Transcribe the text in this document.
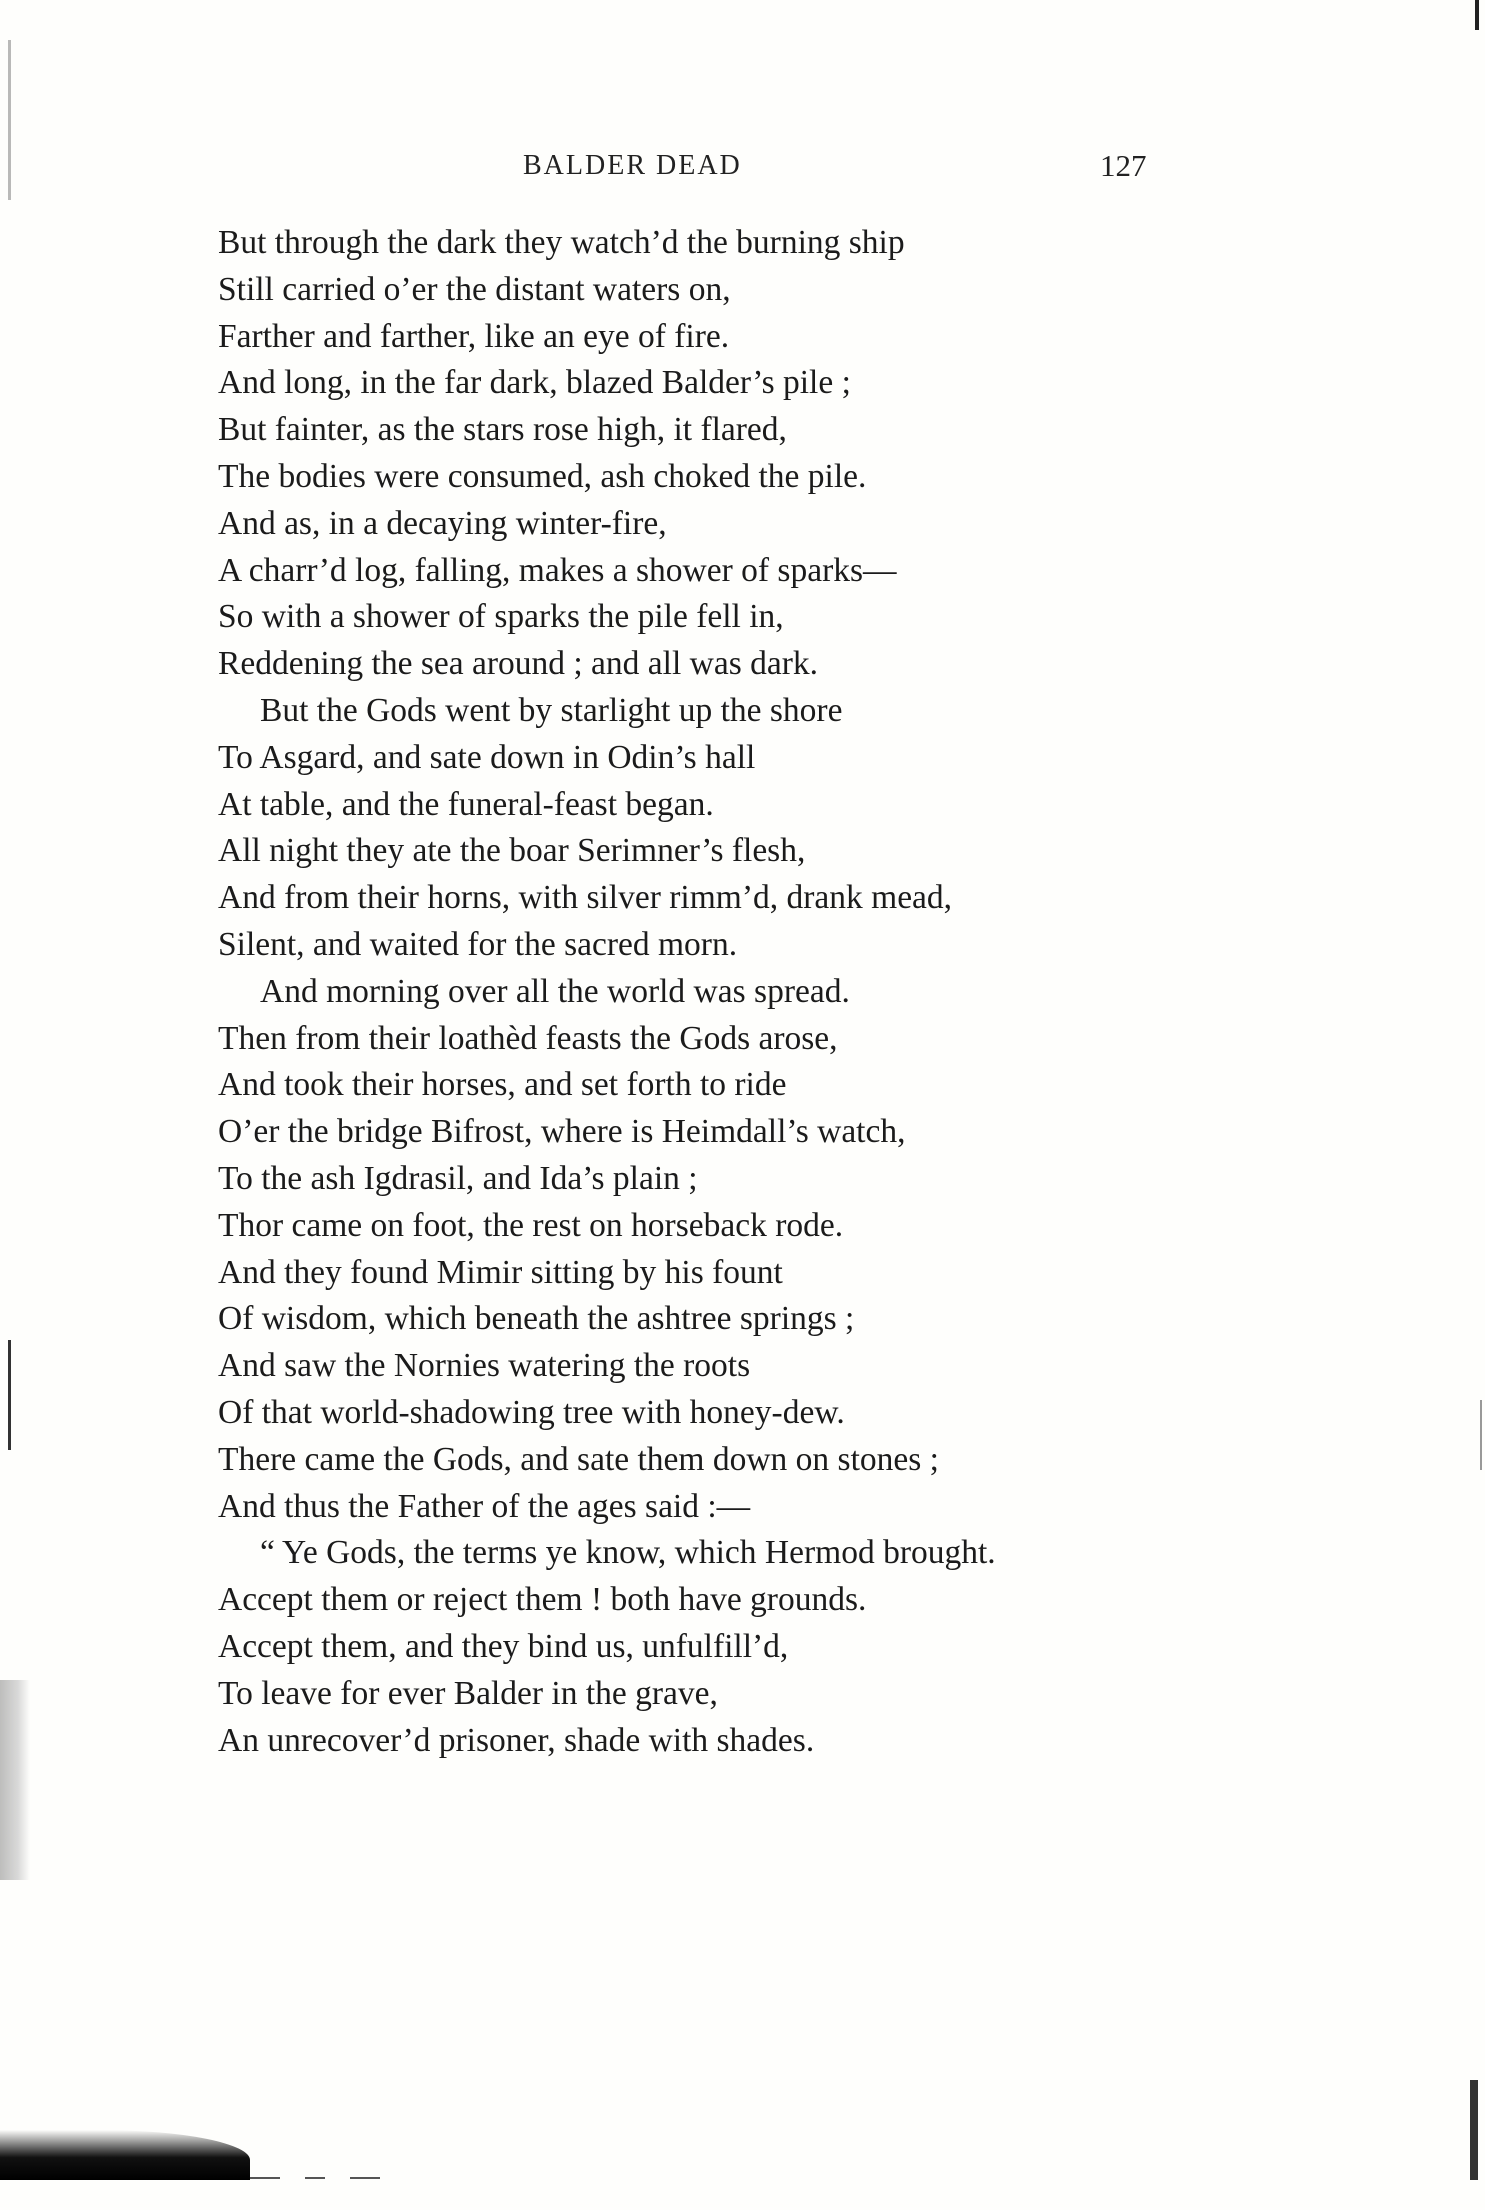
BALDER DEAD	127
But through the dark they watch’d the burning ship
Still carried o’er the distant waters on,
Farther and farther, like an eye of fire.
And long, in the far dark, blazed Balder’s pile ;
But fainter, as the stars rose high, it flared,
The bodies were consumed, ash choked the pile.
And as, in a decaying winter-fire,
A charr’d log, falling, makes a shower of sparks—
So with a shower of sparks the pile fell in,
Reddening the sea around ; and all was dark.
But the Gods went by starlight up the shore
To Asgard, and sate down in Odin’s hall
At table, and the funeral-feast began.
All night they ate the boar Serimner’s flesh,
And from their horns, with silver rimm’d, drank mead,
Silent, and waited for the sacred morn.
And morning over all the world was spread.
Then from their loathèd feasts the Gods arose,
And took their horses, and set forth to ride
O’er the bridge Bifrost, where is Heimdall’s watch,
To the ash Igdrasil, and Ida’s plain ;
Thor came on foot, the rest on horseback rode.
And they found Mimir sitting by his fount
Of wisdom, which beneath the ashtree springs ;
And saw the Nornies watering the roots
Of that world-shadowing tree with honey-dew.
There came the Gods, and sate them down on stones ;
And thus the Father of the ages said :—
“ Ye Gods, the terms ye know, which Hermod brought.
Accept them or reject them ! both have grounds.
Accept them, and they bind us, unfulfill’d,
To leave for ever Balder in the grave,
An unrecover’d prisoner, shade with shades.
